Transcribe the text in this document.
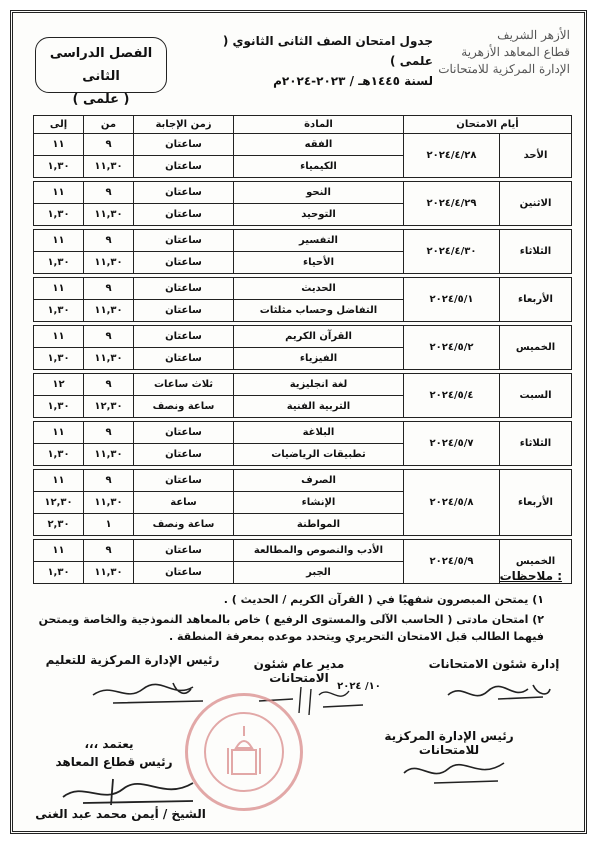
الأزهر الشريف
قطاع المعاهد الأزهرية
الإدارة المركزية للامتحانات
جدول امتحان الصف الثانى الثانوي ( علمى )
لسنة ١٤٤٥هـ / ٢٠٢٣-٢٠٢٤م
الفصل الدراسى الثانى
( علمى )
أيام الامتحان		المادة	زمن الإجابة	من	إلى
الأحد	٢٠٢٤/٤/٢٨	الفقه	ساعتان	٩	١١
		الكيمياء	ساعتان	١١,٣٠	١,٣٠

الاثنين	٢٠٢٤/٤/٢٩	النحو	ساعتان	٩	١١
		التوحيد	ساعتان	١١,٣٠	١,٣٠

الثلاثاء	٢٠٢٤/٤/٣٠	التفسير	ساعتان	٩	١١
		الأحياء	ساعتان	١١,٣٠	١,٣٠

الأربعاء	٢٠٢٤/٥/١	الحديث	ساعتان	٩	١١
		التفاضل وحساب مثلثات	ساعتان	١١,٣٠	١,٣٠

الخميس	٢٠٢٤/٥/٢	القرآن الكريم	ساعتان	٩	١١
		الفيزياء	ساعتان	١١,٣٠	١,٣٠

السبت	٢٠٢٤/٥/٤	لغة انجليزية	ثلاث ساعات	٩	١٢
		التربية الفنية	ساعة ونصف	١٢,٣٠	١,٣٠

الثلاثاء	٢٠٢٤/٥/٧	البلاغة	ساعتان	٩	١١
		تطبيقات الرياضيات	ساعتان	١١,٣٠	١,٣٠

الأربعاء	٢٠٢٤/٥/٨	الصرف	ساعتان	٩	١١
		الإنشاء	ساعة	١١,٣٠	١٢,٣٠
		المواطنة	ساعة ونصف	١	٢,٣٠

الخميس	٢٠٢٤/٥/٩	الأدب والنصوص والمطالعة	ساعتان	٩	١١
		الجبر	ساعتان	١١,٣٠	١,٣٠	ملاحظات :
١) يمتحن المبصرون شفهيًا في ( القرآن الكريم / الحديث ) .
٢) امتحان مادتى ( الحاسب الآلى والمستوى الرفيع ) خاص بالمعاهد النموذجية والخاصة ويمتحن فيهما الطالب قبل الامتحان التحريري ويتحدد موعده بمعرفة المنطقة .
إدارة شئون الامتحانات
مدير عام شئون الامتحانات
رئيس الإدارة المركزية للتعليم
١٠/ ٢٠٢٤
يعتمد ،،،
رئيس قطاع المعاهد
رئيس الإدارة المركزية للامتحانات
الشيخ / أيمن محمد عبد الغنى
